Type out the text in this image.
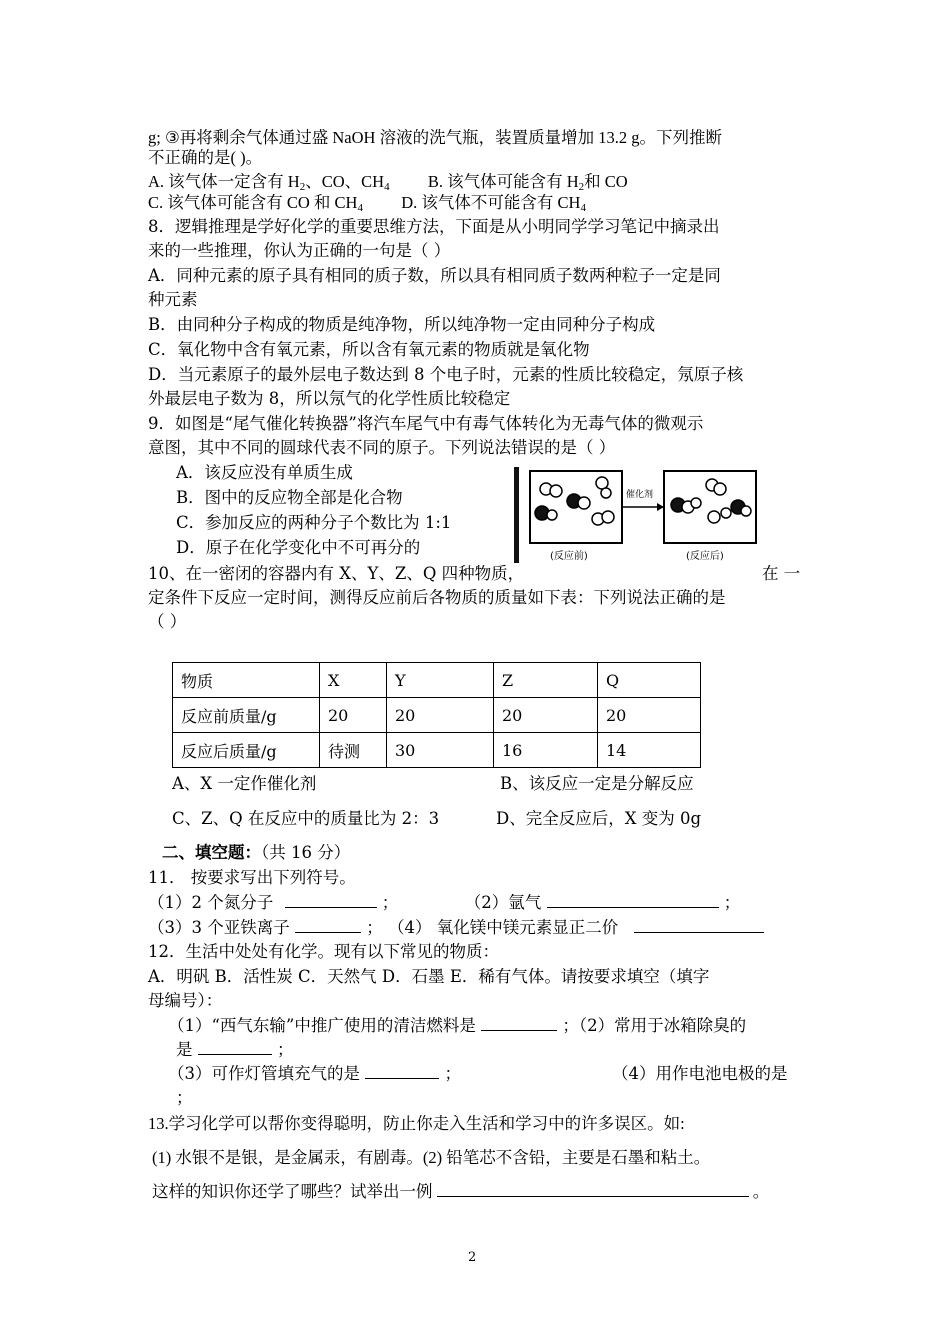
g; ③再将剩余气体通过盛 NaOH 溶液的洗气瓶，装置质量增加 13.2 g。下列推断
不正确的是( )。
A. 该气体一定含有 $H_2$、CO、$CH_4$ B. 该气体可能含有 $H_2$和 CO
C. 该气体可能含有 CO 和 $CH_4$ D. 该气体不可能含有 $CH_4$
8．逻辑推理是学好化学的重要思维方法，下面是从小明同学学习笔记中摘录出
来的一些推理，你认为正确的一句是（ ）
A．同种元素的原子具有相同的质子数，所以具有相同质子数两种粒子一定是同
种元素
B．由同种分子构成的物质是纯净物，所以纯净物一定由同种分子构成
C．氧化物中含有氧元素，所以含有氧元素的物质就是氧化物
D．当元素原子的最外层电子数达到 8 个电子时，元素的性质比较稳定，氖原子核
外最层电子数为 8，所以氖气的化学性质比较稳定
9．如图是“尾气催化转换器”将汽车尾气中有毒气体转化为无毒气体的微观示
意图，其中不同的圆球代表不同的原子。下列说法错误的是（ ）
A．该反应没有单质生成
B．图中的反应物全部是化合物
C．参加反应的两种分子个数比为 1:1
D．原子在化学变化中不可再分的
催化剂
(反应前)	(反应后)
10、在一密闭的容器内有 X、Y、Z、Q 四种物质，	在 一
定条件下反应一定时间，测得反应前后各物质的质量如下表：下列说法正确的是
（ ）
物质	X	Y	Z	Q
反应前质量/g	20	20	20	20
反应后质量/g	待测	30	16	14
A、X 一定作催化剂	B、该反应一定是分解反应
C、Z、Q 在反应中的质量比为 2：3	D、完全反应后，X 变为 0g
二、填空题：（共 16 分）
11． 按要求写出下列符号。
（1）2 个氮分子	；	（2）氩气	；
（3）3 个亚铁离子	； （4） 氧化镁中镁元素显正二价
12．生活中处处有化学。现有以下常见的物质：
A．明矾 B．活性炭 C．天然气 D．石墨 E．稀有气体。请按要求填空（填字
母编号）：
（1）“西气东输”中推广使用的清洁燃料是	；（2）常用于冰箱除臭的
是	；
（3）可作灯管填充气的是	；	（4）用作电池电极的是
；
13.学习化学可以帮你变得聪明，防止你走入生活和学习中的许多误区。如:
(1) 水银不是银，是金属汞，有剧毒。(2) 铅笔芯不含铅，主要是石墨和粘土。
这样的知识你还学了哪些？试举出一例	。
2
